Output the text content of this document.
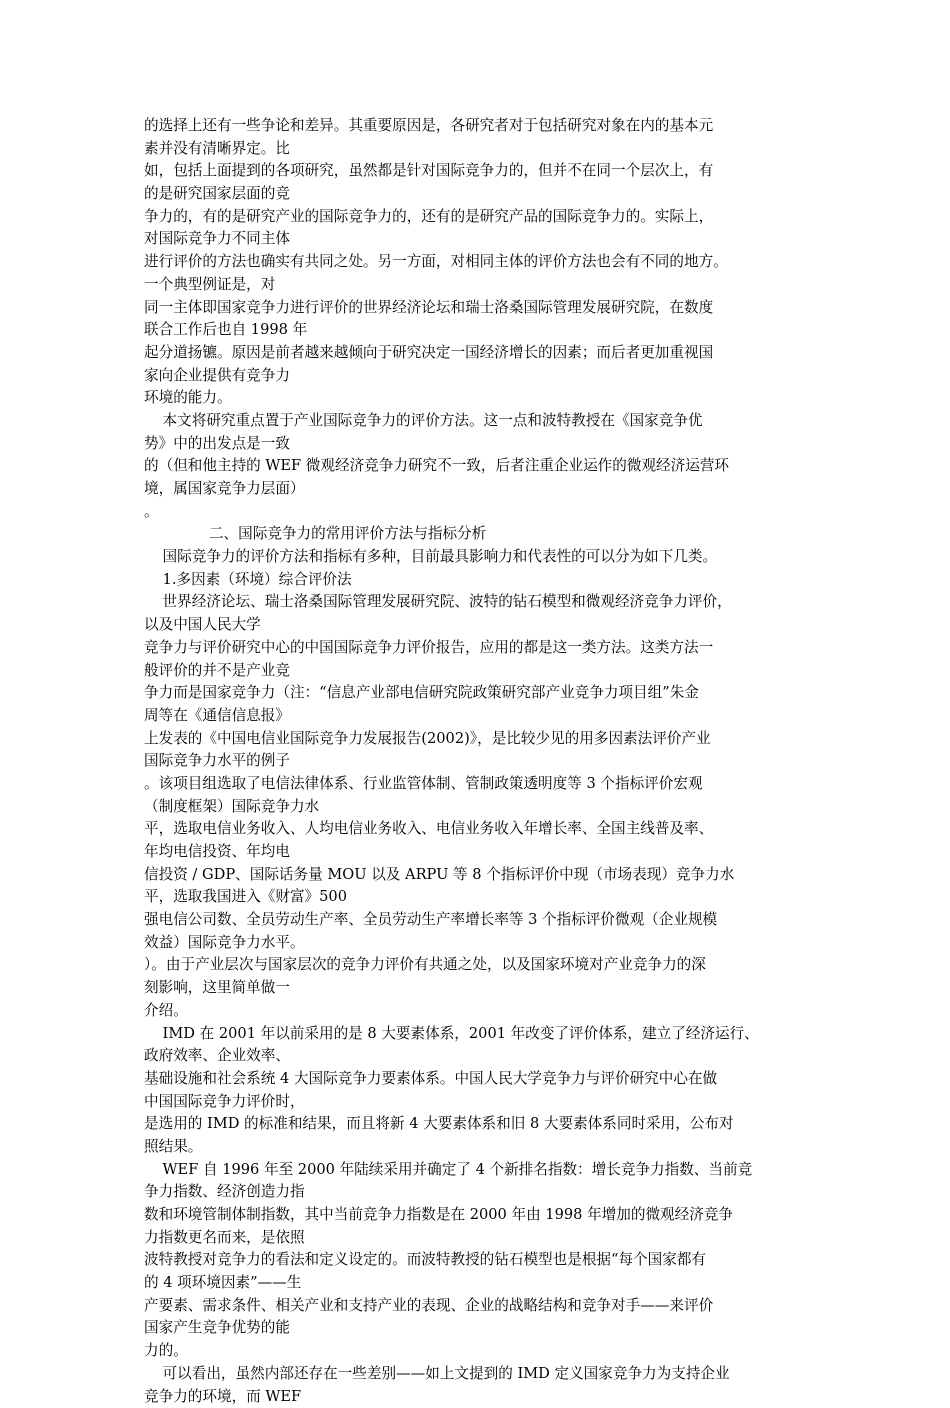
的选择上还有一些争论和差异。其重要原因是，各研究者对于包括研究对象在内的基本元
素并没有清晰界定。比
如，包括上面提到的各项研究，虽然都是针对国际竞争力的，但并不在同一个层次上，有
的是研究国家层面的竞
争力的，有的是研究产业的国际竞争力的，还有的是研究产品的国际竞争力的。实际上，
对国际竞争力不同主体
进行评价的方法也确实有共同之处。另一方面，对相同主体的评价方法也会有不同的地方。
一个典型例证是，对
同一主体即国家竞争力进行评价的世界经济论坛和瑞士洛桑国际管理发展研究院，在数度
联合工作后也自 1998 年
起分道扬镳。原因是前者越来越倾向于研究决定一国经济增长的因素；而后者更加重视国
家向企业提供有竞争力
环境的能力。
本文将研究重点置于产业国际竞争力的评价方法。这一点和波特教授在《国家竞争优
势》中的出发点是一致
的（但和他主持的 WEF 微观经济竞争力研究不一致，后者注重企业运作的微观经济运营环
境，属国家竞争力层面）
。
二、国际竞争力的常用评价方法与指标分析
国际竞争力的评价方法和指标有多种，目前最具影响力和代表性的可以分为如下几类。
1.多因素（环境）综合评价法
世界经济论坛、瑞士洛桑国际管理发展研究院、波特的钻石模型和微观经济竞争力评价，
以及中国人民大学
竞争力与评价研究中心的中国国际竞争力评价报告，应用的都是这一类方法。这类方法一
般评价的并不是产业竞
争力而是国家竞争力（注：“信息产业部电信研究院政策研究部产业竞争力项目组”朱金
周等在《通信信息报》
上发表的《中国电信业国际竞争力发展报告(2002)》，是比较少见的用多因素法评价产业
国际竞争力水平的例子
。该项目组选取了电信法律体系、行业监管体制、管制政策透明度等 3 个指标评价宏观
（制度框架）国际竞争力水
平，选取电信业务收入、人均电信业务收入、电信业务收入年增长率、全国主线普及率、
年均电信投资、年均电
信投资 / GDP、国际话务量 MOU 以及 ARPU 等 8 个指标评价中现（市场表现）竞争力水
平，选取我国进入《财富》500
强电信公司数、全员劳动生产率、全员劳动生产率增长率等 3 个指标评价微观（企业规模
效益）国际竞争力水平。
）。由于产业层次与国家层次的竞争力评价有共通之处，以及国家环境对产业竞争力的深
刻影响，这里简单做一
介绍。
IMD 在 2001 年以前采用的是 8 大要素体系，2001 年改变了评价体系，建立了经济运行、
政府效率、企业效率、
基础设施和社会系统 4 大国际竞争力要素体系。中国人民大学竞争力与评价研究中心在做
中国国际竞争力评价时，
是选用的 IMD 的标准和结果，而且将新 4 大要素体系和旧 8 大要素体系同时采用，公布对
照结果。
WEF 自 1996 年至 2000 年陆续采用并确定了 4 个新排名指数：增长竞争力指数、当前竞
争力指数、经济创造力指
数和环境管制体制指数，其中当前竞争力指数是在 2000 年由 1998 年增加的微观经济竞争
力指数更名而来，是依照
波特教授对竞争力的看法和定义设定的。而波特教授的钻石模型也是根据“每个国家都有
的 4 项环境因素”——生
产要素、需求条件、相关产业和支持产业的表现、企业的战略结构和竞争对手——来评价
国家产生竞争优势的能
力的。
可以看出，虽然内部还存在一些差别——如上文提到的 IMD 定义国家竞争力为支持企业
竞争力的环境，而 WEF
